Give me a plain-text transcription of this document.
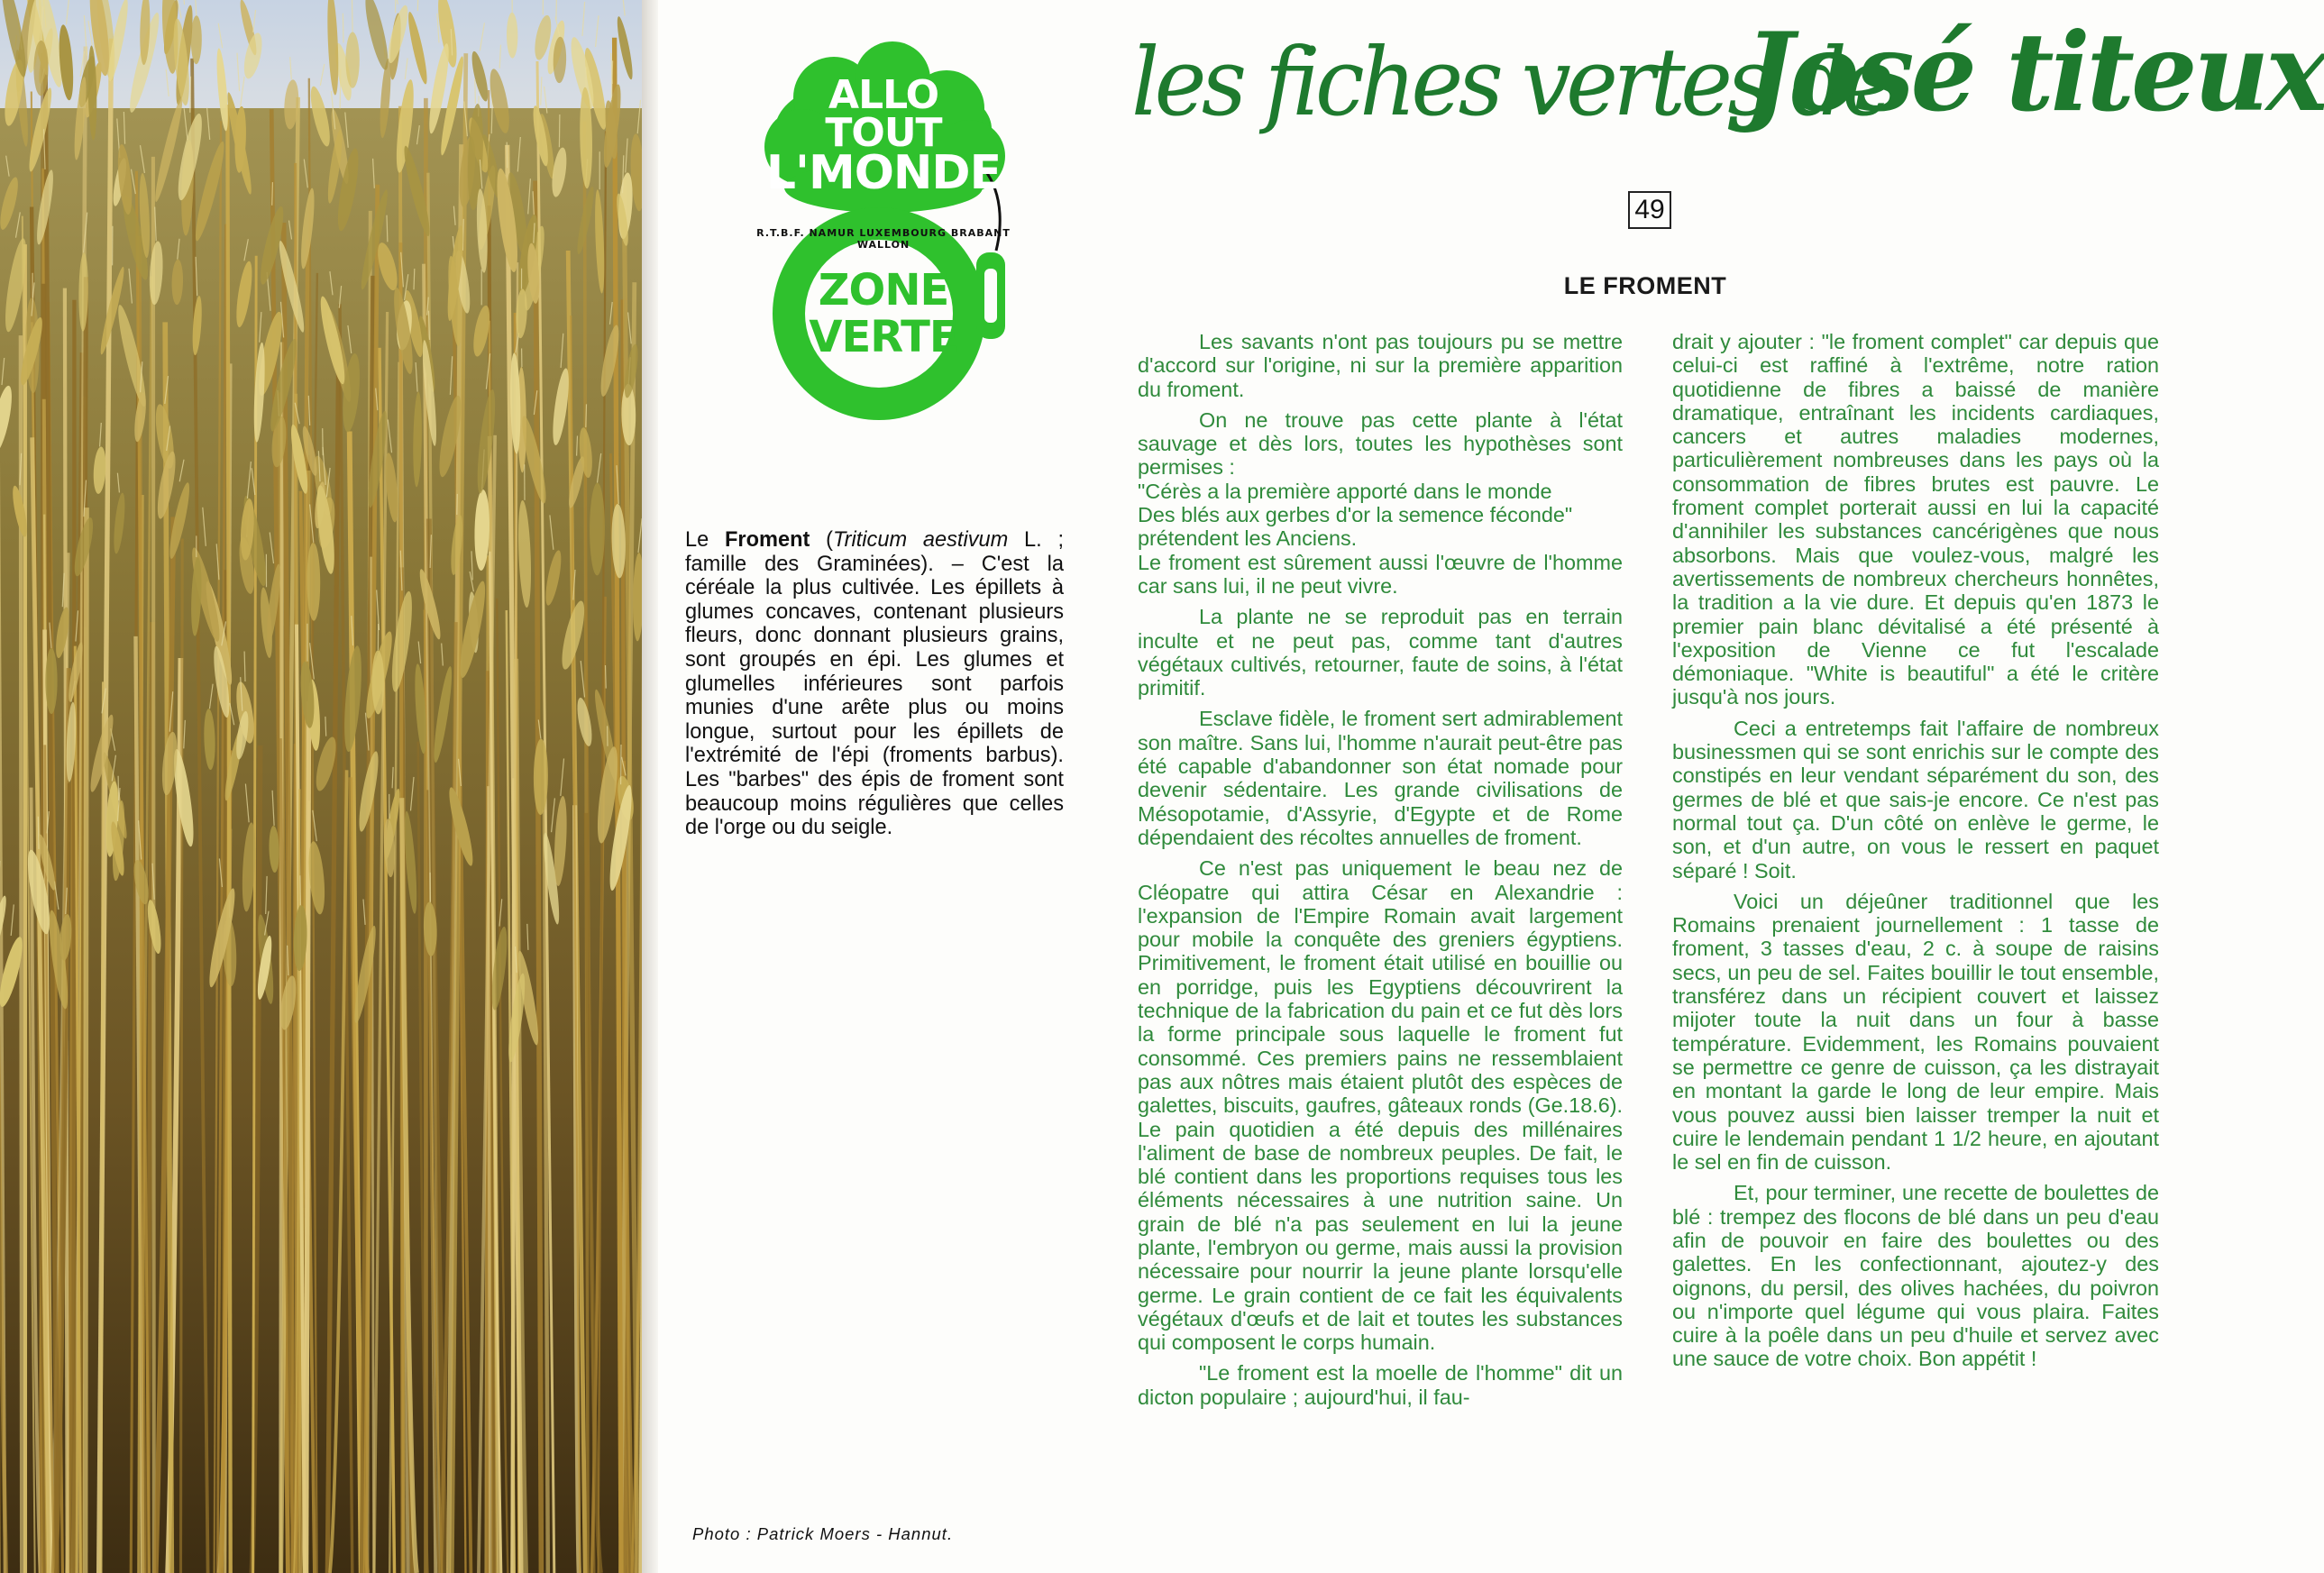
ALLO
TOUT
L'MONDE
R.T.B.F. NAMUR LUXEMBOURG BRABANT WALLON
ZONE
VERTE
les fiches vertes de
José titeux
49
LE FROMENT
Le Froment (Triticum aestivum L. ; famille des Graminées). – C'est la céréale la plus cultivée. Les épillets à glumes concaves, contenant plusieurs fleurs, donc donnant plusieurs grains, sont groupés en épi. Les glumes et glumelles inférieures sont parfois munies d'une arête plus ou moins longue, surtout pour les épillets de l'extrémité de l'épi (froments barbus). Les "barbes" des épis de froment sont beaucoup moins régulières que celles de l'orge ou du seigle.
Photo : Patrick Moers - Hannut.

Les savants n'ont pas toujours pu se mettre d'accord sur l'origine, ni sur la première apparition du froment.

On ne trouve pas cette plante à l'état sauvage et dès lors, toutes les hypothèses sont permises :

"Cérès a la première apporté dans le monde

Des blés aux gerbes d'or la semence féconde"

prétendent les Anciens.

Le froment est sûrement aussi l'œuvre de l'homme car sans lui, il ne peut vivre.

La plante ne se reproduit pas en terrain inculte et ne peut pas, comme tant d'autres végétaux cultivés, retourner, faute de soins, à l'état primitif.

Esclave fidèle, le froment sert admirablement son maître. Sans lui, l'homme n'aurait peut-être pas été capable d'abandonner son état nomade pour devenir sédentaire. Les grande civilisations de Mésopotamie, d'Assyrie, d'Egypte et de Rome dépendaient des récoltes annuelles de froment.

Ce n'est pas uniquement le beau nez de Cléopatre qui attira César en Alexandrie : l'expansion de l'Empire Romain avait largement pour mobile la conquête des greniers égyptiens. Primitivement, le froment était utilisé en bouillie ou en porridge, puis les Egyptiens découvrirent la technique de la fabrication du pain et ce fut dès lors la forme principale sous laquelle le froment fut consommé. Ces premiers pains ne ressemblaient pas aux nôtres mais étaient plutôt des espèces de galettes, biscuits, gaufres, gâteaux ronds (Ge.18.6). Le pain quotidien a été depuis des millénaires l'aliment de base de nombreux peuples. De fait, le blé contient dans les proportions requises tous les éléments nécessaires à une nutrition saine. Un grain de blé n'a pas seulement en lui la jeune plante, l'embryon ou germe, mais aussi la provision nécessaire pour nourrir la jeune plante lorsqu'elle germe. Le grain contient de ce fait les équivalents végétaux d'œufs et de lait et toutes les substances qui composent le corps humain.

"Le froment est la moelle de l'homme" dit un dicton populaire ; aujourd'hui, il fau-

drait y ajouter : "le froment complet" car depuis que celui-ci est raffiné à l'extrême, notre ration quotidienne de fibres a baissé de manière dramatique, entraînant les incidents cardiaques, cancers et autres maladies modernes, particulièrement nombreuses dans les pays où la consommation de fibres brutes est pauvre. Le froment complet porterait aussi en lui la capacité d'annihiler les substances cancérigènes que nous absorbons. Mais que voulez-vous, malgré les avertissements de nombreux chercheurs honnêtes, la tradition a la vie dure. Et depuis qu'en 1873 le premier pain blanc dévitalisé a été présenté à l'exposition de Vienne ce fut l'escalade démoniaque. "White is beautiful" a été le critère jusqu'à nos jours.

Ceci a entretemps fait l'affaire de nombreux businessmen qui se sont enrichis sur le compte des constipés en leur vendant séparément du son, des germes de blé et que sais-je encore. Ce n'est pas normal tout ça. D'un côté on enlève le germe, le son, et d'un autre, on vous le ressert en paquet séparé ! Soit.

Voici un déjeûner traditionnel que les Romains prenaient journellement : 1 tasse de froment, 3 tasses d'eau, 2 c. à soupe de raisins secs, un peu de sel. Faites bouillir le tout ensemble, transférez dans un récipient couvert et laissez mijoter toute la nuit dans un four à basse température. Evidemment, les Romains pouvaient se permettre ce genre de cuisson, ça les distrayait en montant la garde le long de leur empire. Mais vous pouvez aussi bien laisser tremper la nuit et cuire le lendemain pendant 1 1/2 heure, en ajoutant le sel en fin de cuisson.

Et, pour terminer, une recette de boulettes de blé : trempez des flocons de blé dans un peu d'eau afin de pouvoir en faire des boulettes ou des galettes. En les confectionnant, ajoutez-y des oignons, du persil, des olives hachées, du poivron ou n'importe quel légume qui vous plaira. Faites cuire à la poêle dans un peu d'huile et servez avec une sauce de votre choix. Bon appétit !
